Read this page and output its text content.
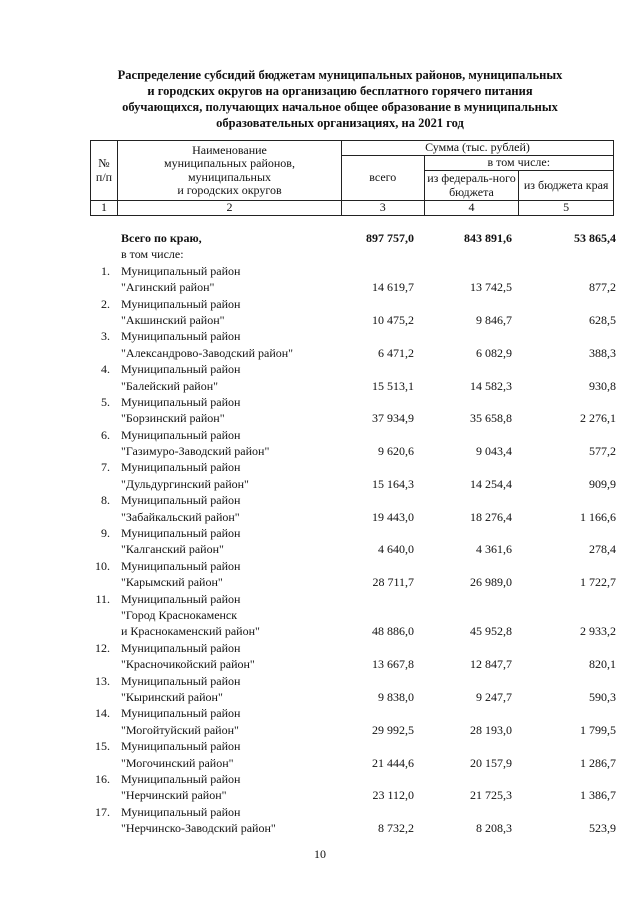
Распределение субсидий бюджетам муниципальных районов, муниципальных
и городских округов на организацию бесплатного горячего питания
обучающихся, получающих начальное общее образование в муниципальных
образовательных организациях, на 2021 год
№ п/п	Наименование
муниципальных районов,
муниципальных
и городских округов	Сумма (тыс. рублей)		
		всего	в том числе:	
			из федераль-ного бюджета	из бюджета края
1	2	3	4	5
Всего по краю,	897 757,0	843 891,6	53 865,4
в том числе:
1. Муниципальный район
"Агинский район"	14 619,7	13 742,5	877,2
2. Муниципальный район
"Акшинский район"	10 475,2	9 846,7	628,5
3. Муниципальный район
"Александрово-Заводский район"	6 471,2	6 082,9	388,3
4. Муниципальный район
"Балейский район"	15 513,1	14 582,3	930,8
5. Муниципальный район
"Борзинский район"	37 934,9	35 658,8	2 276,1
6. Муниципальный район
"Газимуро-Заводский район"	9 620,6	9 043,4	577,2
7. Муниципальный район
"Дульдургинский район"	15 164,3	14 254,4	909,9
8. Муниципальный район
"Забайкальский район"	19 443,0	18 276,4	1 166,6
9. Муниципальный район
"Калганский район"	4 640,0	4 361,6	278,4
10. Муниципальный район
"Карымский район"	28 711,7	26 989,0	1 722,7
11. Муниципальный район
"Город Краснокаменск
и Краснокаменский район"	48 886,0	45 952,8	2 933,2
12. Муниципальный район
"Красночикойский район"	13 667,8	12 847,7	820,1
13. Муниципальный район
"Кыринский район"	9 838,0	9 247,7	590,3
14. Муниципальный район
"Могойтуйский район"	29 992,5	28 193,0	1 799,5
15. Муниципальный район
"Могочинский район"	21 444,6	20 157,9	1 286,7
16. Муниципальный район
"Нерчинский район"	23 112,0	21 725,3	1 386,7
17. Муниципальный район
"Нерчинско-Заводский район"	8 732,2	8 208,3	523,9
10
